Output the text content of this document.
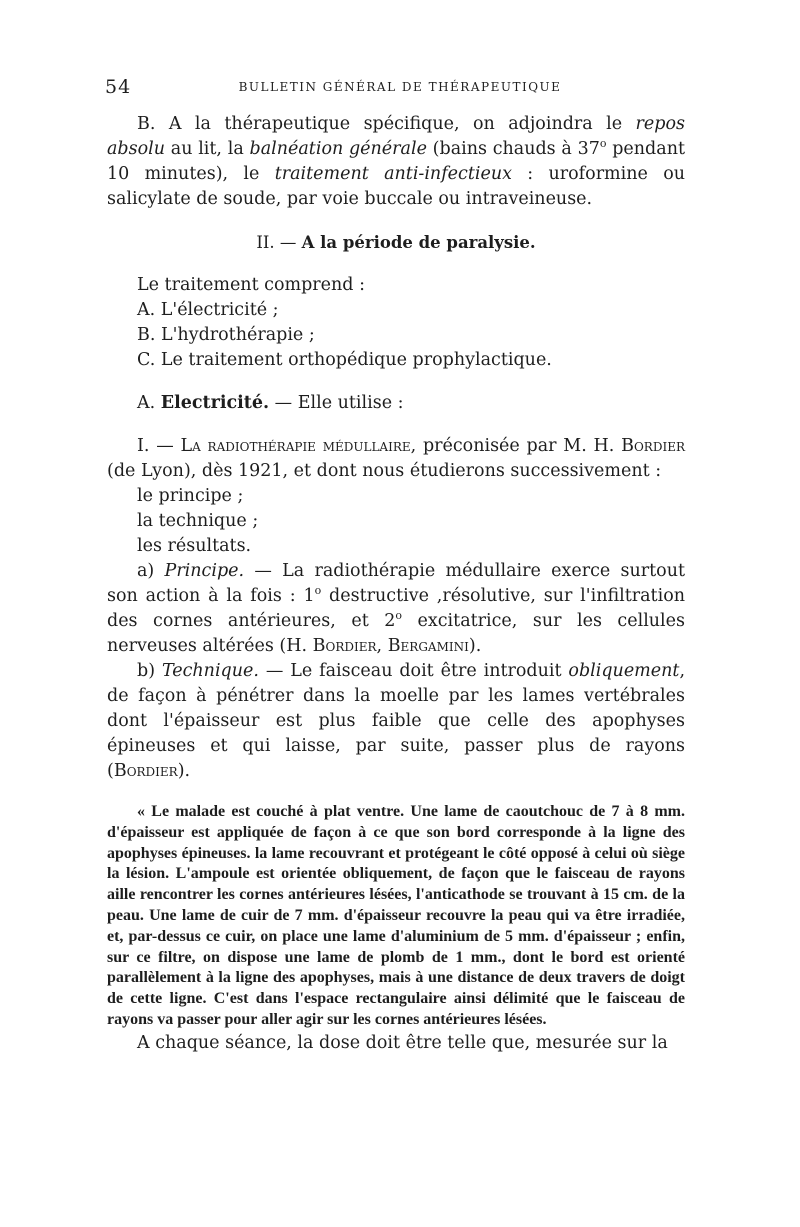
54	BULLETIN GÉNÉRAL DE THÉRAPEUTIQUE

B. A la thérapeutique spécifique, on adjoindra le repos absolu au lit, la balnéation générale (bains chauds à 37$^o$ pendant 10 minutes), le traitement anti-infectieux : uroformine ou salicylate de soude, par voie buccale ou intraveineuse.

II. — A la période de paralysie.

Le traitement comprend :

A. L'électricité ;

B. L'hydrothérapie ;

C. Le traitement orthopédique prophylactique.

A. Electricité. — Elle utilise :

I. — La radiothérapie médullaire, préconisée par M. H. Bordier (de Lyon), dès 1921, et dont nous étudierons successivement :

le principe ;

la technique ;

les résultats.

a) Principe. — La radiothérapie médullaire exerce surtout son action à la fois : 1$^o$ destructive ,résolutive, sur l'infiltration des cornes antérieures, et 2$^o$ excitatrice, sur les cellules nerveuses altérées (H. Bordier, Bergamini).

b) Technique. — Le faisceau doit être introduit obliquement, de façon à pénétrer dans la moelle par les lames vertébrales dont l'épaisseur est plus faible que celle des apophyses épineuses et qui laisse, par suite, passer plus de rayons (Bordier).

« Le malade est couché à plat ventre. Une lame de caoutchouc de 7 à 8 mm. d'épaisseur est appliquée de façon à ce que son bord corresponde à la ligne des apophyses épineuses. la lame recouvrant et protégeant le côté opposé à celui où siège la lésion. L'ampoule est orientée obliquement, de façon que le faisceau de rayons aille rencontrer les cornes antérieures lésées, l'anticathode se trouvant à 15 cm. de la peau. Une lame de cuir de 7 mm. d'épaisseur recouvre la peau qui va être irradiée, et, par-dessus ce cuir, on place une lame d'aluminium de 5 mm. d'épaisseur ; enfin, sur ce filtre, on dispose une lame de plomb de 1 mm., dont le bord est orienté parallèlement à la ligne des apophyses, mais à une distance de deux travers de doigt de cette ligne. C'est dans l'espace rectangulaire ainsi délimité que le faisceau de rayons va passer pour aller agir sur les cornes antérieures lésées.

A chaque séance, la dose doit être telle que, mesurée sur la
